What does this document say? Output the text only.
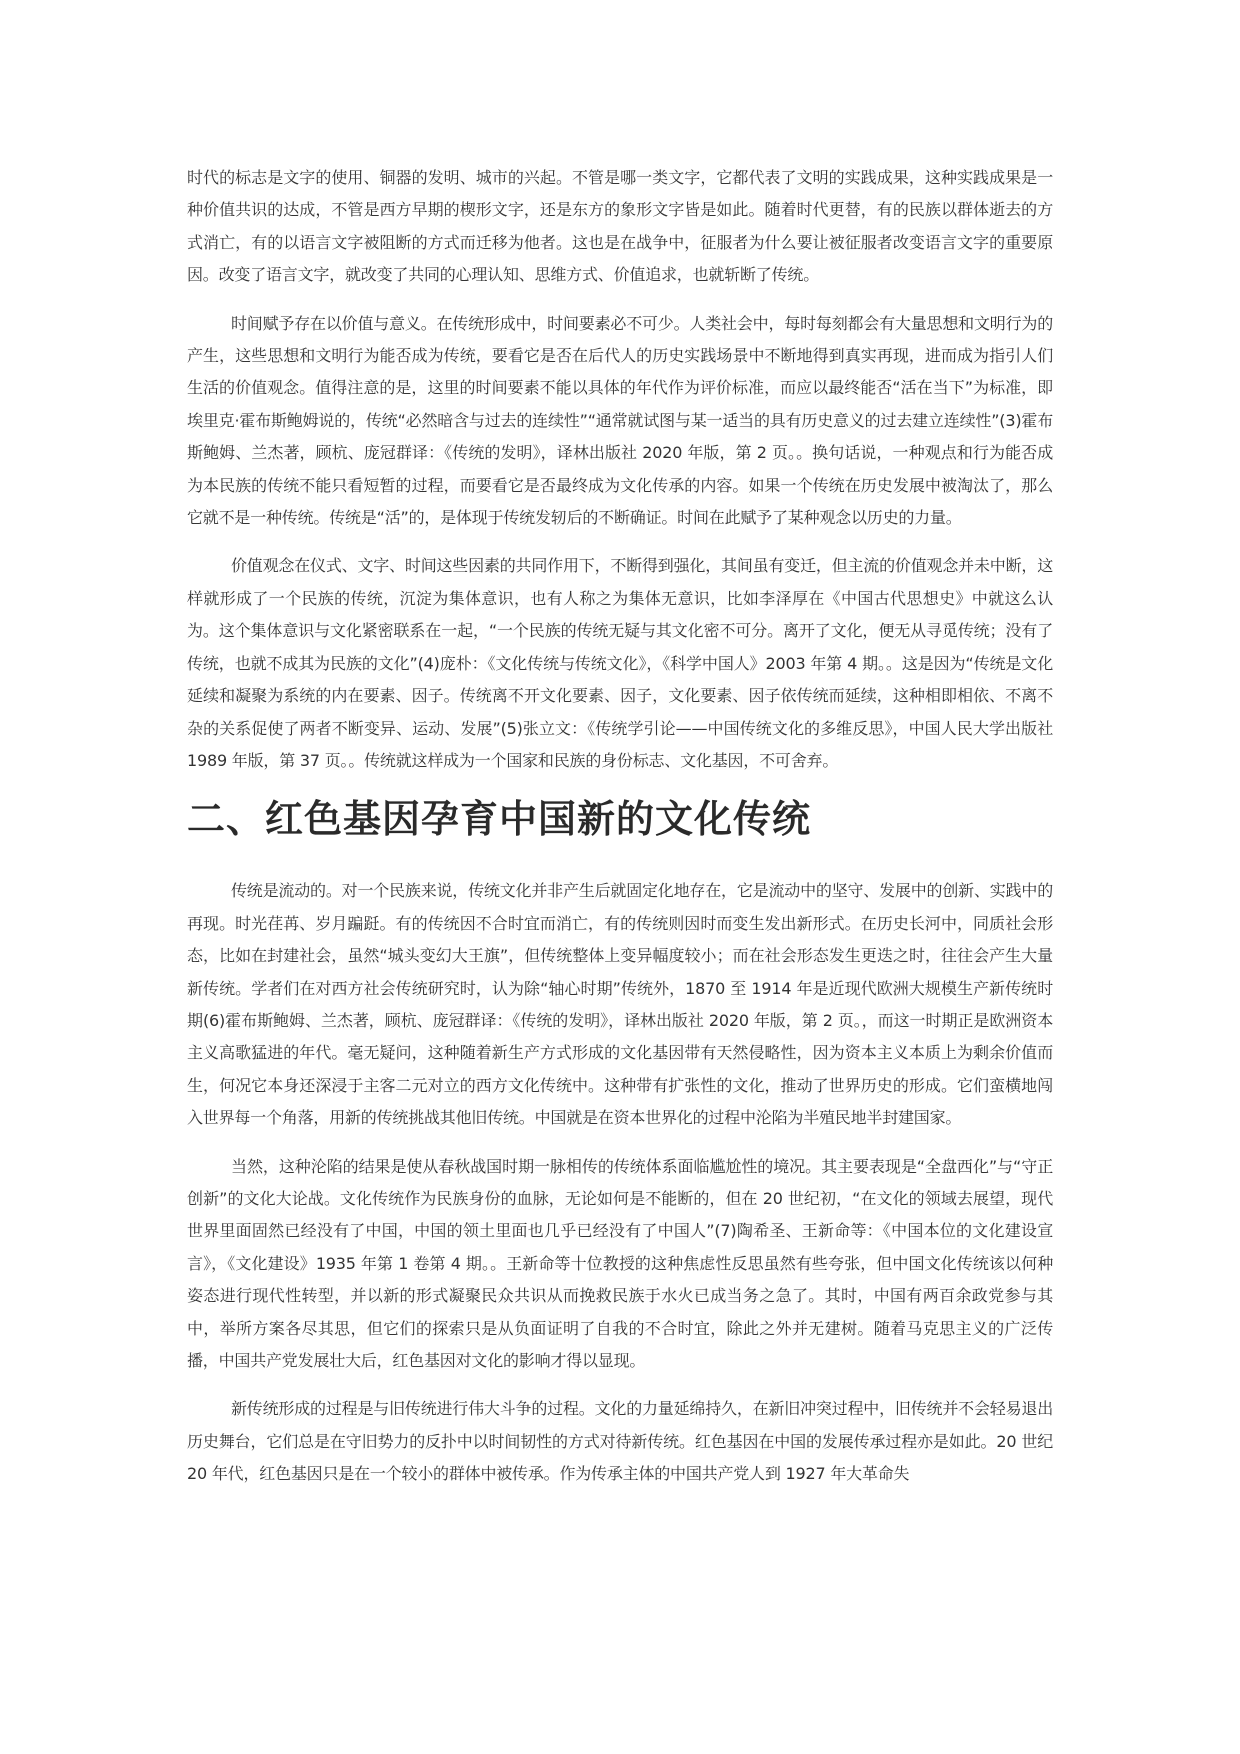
时代的标志是文字的使用、铜器的发明、城市的兴起。不管是哪一类文字，它都代表了文明的实践成果，这种实践成果是一种价值共识的达成，不管是西方早期的楔形文字，还是东方的象形文字皆是如此。随着时代更替，有的民族以群体逝去的方式消亡，有的以语言文字被阻断的方式而迁移为他者。这也是在战争中，征服者为什么要让被征服者改变语言文字的重要原因。改变了语言文字，就改变了共同的心理认知、思维方式、价值追求，也就斩断了传统。

时间赋予存在以价值与意义。在传统形成中，时间要素必不可少。人类社会中，每时每刻都会有大量思想和文明行为的产生，这些思想和文明行为能否成为传统，要看它是否在后代人的历史实践场景中不断地得到真实再现，进而成为指引人们生活的价值观念。值得注意的是，这里的时间要素不能以具体的年代作为评价标准，而应以最终能否“活在当下”为标准，即埃里克·霍布斯鲍姆说的，传统“必然暗含与过去的连续性”“通常就试图与某一适当的具有历史意义的过去建立连续性”(3)霍布斯鲍姆、兰杰著，顾杭、庞冠群译：《传统的发明》，译林出版社 2020 年版，第 2 页。。换句话说，一种观点和行为能否成为本民族的传统不能只看短暂的过程，而要看它是否最终成为文化传承的内容。如果一个传统在历史发展中被淘汰了，那么它就不是一种传统。传统是“活”的，是体现于传统发轫后的不断确证。时间在此赋予了某种观念以历史的力量。

价值观念在仪式、文字、时间这些因素的共同作用下，不断得到强化，其间虽有变迁，但主流的价值观念并未中断，这样就形成了一个民族的传统，沉淀为集体意识，也有人称之为集体无意识，比如李泽厚在《中国古代思想史》中就这么认为。这个集体意识与文化紧密联系在一起，“一个民族的传统无疑与其文化密不可分。离开了文化，便无从寻觅传统；没有了传统，也就不成其为民族的文化”(4)庞朴：《文化传统与传统文化》，《科学中国人》2003 年第 4 期。。这是因为“传统是文化延续和凝聚为系统的内在要素、因子。传统离不开文化要素、因子，文化要素、因子依传统而延续，这种相即相依、不离不杂的关系促使了两者不断变异、运动、发展”(5)张立文：《传统学引论——中国传统文化的多维反思》，中国人民大学出版社 1989 年版，第 37 页。。传统就这样成为一个国家和民族的身份标志、文化基因，不可舍弃。

二、红色基因孕育中国新的文化传统

传统是流动的。对一个民族来说，传统文化并非产生后就固定化地存在，它是流动中的坚守、发展中的创新、实践中的再现。时光荏苒、岁月蹁跹。有的传统因不合时宜而消亡，有的传统则因时而变生发出新形式。在历史长河中，同质社会形态，比如在封建社会，虽然“城头变幻大王旗”，但传统整体上变异幅度较小；而在社会形态发生更迭之时，往往会产生大量新传统。学者们在对西方社会传统研究时，认为除“轴心时期”传统外，1870 至 1914 年是近现代欧洲大规模生产新传统时期(6)霍布斯鲍姆、兰杰著，顾杭、庞冠群译：《传统的发明》，译林出版社 2020 年版，第 2 页。，而这一时期正是欧洲资本主义高歌猛进的年代。毫无疑问，这种随着新生产方式形成的文化基因带有天然侵略性，因为资本主义本质上为剩余价值而生，何况它本身还深浸于主客二元对立的西方文化传统中。这种带有扩张性的文化，推动了世界历史的形成。它们蛮横地闯入世界每一个角落，用新的传统挑战其他旧传统。中国就是在资本世界化的过程中沦陷为半殖民地半封建国家。

当然，这种沦陷的结果是使从春秋战国时期一脉相传的传统体系面临尴尬性的境况。其主要表现是“全盘西化”与“守正创新”的文化大论战。文化传统作为民族身份的血脉，无论如何是不能断的，但在 20 世纪初，“在文化的领域去展望，现代世界里面固然已经没有了中国，中国的领土里面也几乎已经没有了中国人”(7)陶希圣、王新命等：《中国本位的文化建设宣言》，《文化建设》1935 年第 1 卷第 4 期。。王新命等十位教授的这种焦虑性反思虽然有些夸张，但中国文化传统该以何种姿态进行现代性转型，并以新的形式凝聚民众共识从而挽救民族于水火已成当务之急了。其时，中国有两百余政党参与其中，举所方案各尽其思，但它们的探索只是从负面证明了自我的不合时宜，除此之外并无建树。随着马克思主义的广泛传播，中国共产党发展壮大后，红色基因对文化的影响才得以显现。

新传统形成的过程是与旧传统进行伟大斗争的过程。文化的力量延绵持久，在新旧冲突过程中，旧传统并不会轻易退出历史舞台，它们总是在守旧势力的反扑中以时间韧性的方式对待新传统。红色基因在中国的发展传承过程亦是如此。20 世纪 20 年代，红色基因只是在一个较小的群体中被传承。作为传承主体的中国共产党人到 1927 年大革命失
